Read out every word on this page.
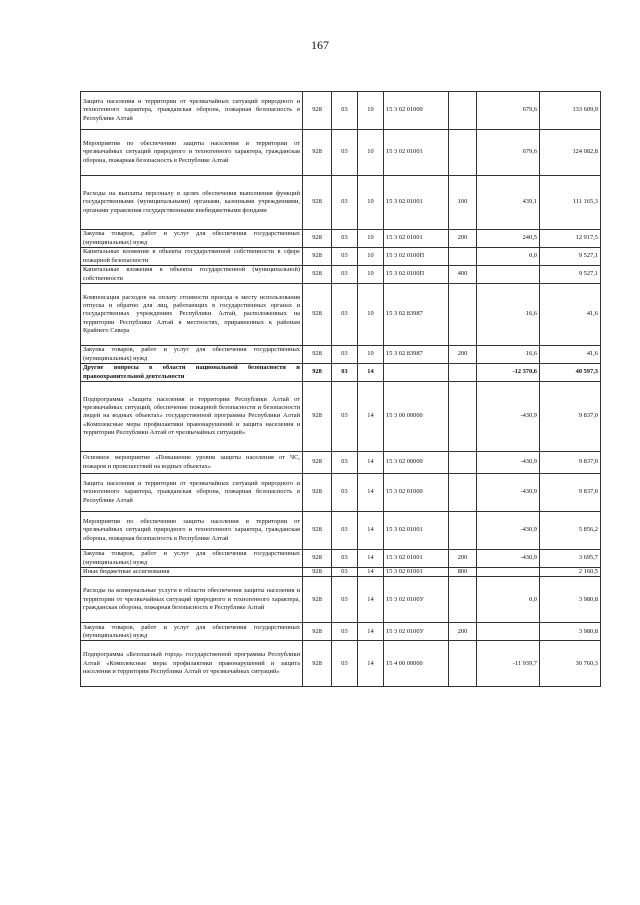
167
Защита населения и территории от чрезвычайных ситуаций природного и техногенного характера, гражданская оборона, пожарная безопасность в Республике Алтай	928	03	10	15 3 02 01000		679,6	133 609,9
Мероприятия по обеспечению защиты населения и территории от чрезвычайных ситуаций природного и техногенного характера, гражданская оборона, пожарная безопасность в Республике Алтай	928	03	10	15 3 02 01001		679,6	124 082,8
Расходы на выплаты персоналу в целях обеспечения выполнения функций государственными (муниципальными) органами, казенными учреждениями, органами управления государственными внебюджетными фондами	928	03	10	15 3 02 01001	100	439,1	111 165,3
Закупка товаров, работ и услуг для обеспечения государственных (муниципальных) нужд	928	03	10	15 3 02 01001	200	240,5	12 917,5
Капитальные вложения в объекты государственной собственности в сфере пожарной безопасности	928	03	10	15 3 02 0100П		0,0	9 527,1
Капитальные вложения в объекты государственной (муниципальной) собственности	928	03	10	15 3 02 0100П	400		9 527,1
Компенсация расходов на оплату стоимости проезда к месту использования отпуска и обратно для лиц, работающих в государственных органах и государственных учреждениях Республики Алтай, расположенных на территории Республики Алтай в местностях, приравненных к районам Крайнего Севера	928	03	10	15 3 02 83987		16,6	41,6
Закупка товаров, работ и услуг для обеспечения государственных (муниципальных) нужд	928	03	10	15 3 02 83987	200	16,6	41,6
Другие вопросы в области национальной безопасности и правоохранительной деятельности	928	03	14			-12 370,6	40 597,3
Подпрограмма «Защита населения и территории Республики Алтай от чрезвычайных ситуаций, обеспечение пожарной безопасности и безопасности людей на водных объектах» государственной программы Республики Алтай «Комплексные меры профилактики правонарушений и защита населения и территории Республики Алтай от чрезвычайных ситуаций»	928	03	14	15 3 00 00000		-430,9	9 837,0
Основное мероприятие «Повышение уровня защиты населения от ЧС, пожаров и происшествий на водных объектах»	928	03	14	15 3 02 00000		-430,9	9 837,0
Защита населения и территории от чрезвычайных ситуаций природного и техногенного характера, гражданская оборона, пожарная безопасность в Республике Алтай	928	03	14	15 3 02 01000		-430,9	9 837,0
Мероприятия по обеспечению защиты населения и территории от чрезвычайных ситуаций природного и техногенного характера, гражданская оборона, пожарная безопасность в Республике Алтай	928	03	14	15 3 02 01001		-430,9	5 856,2
Закупка товаров, работ и услуг для обеспечения государственных (муниципальных) нужд	928	03	14	15 3 02 01001	200	-430,9	3 695,7
Иные бюджетные ассигнования	928	03	14	15 3 02 01001	800		2 160,5
Расходы на коммунальные услуги в области обеспечения защиты населения и территории от чрезвычайных ситуаций природного и техногенного характера, гражданская оборона, пожарная безопасность в Республике Алтай	928	03	14	15 3 02 0100У		0,0	3 980,8
Закупка товаров, работ и услуг для обеспечения государственных (муниципальных) нужд	928	03	14	15 3 02 0100У	200		3 980,8
Подпрограмма «Безопасный город» государственной программы Республики Алтай «Комплексные меры профилактики правонарушений и защита населения и территории Республики Алтай от чрезвычайных ситуаций»	928	03	14	15 4 00 00000		-11 939,7	30 760,3
